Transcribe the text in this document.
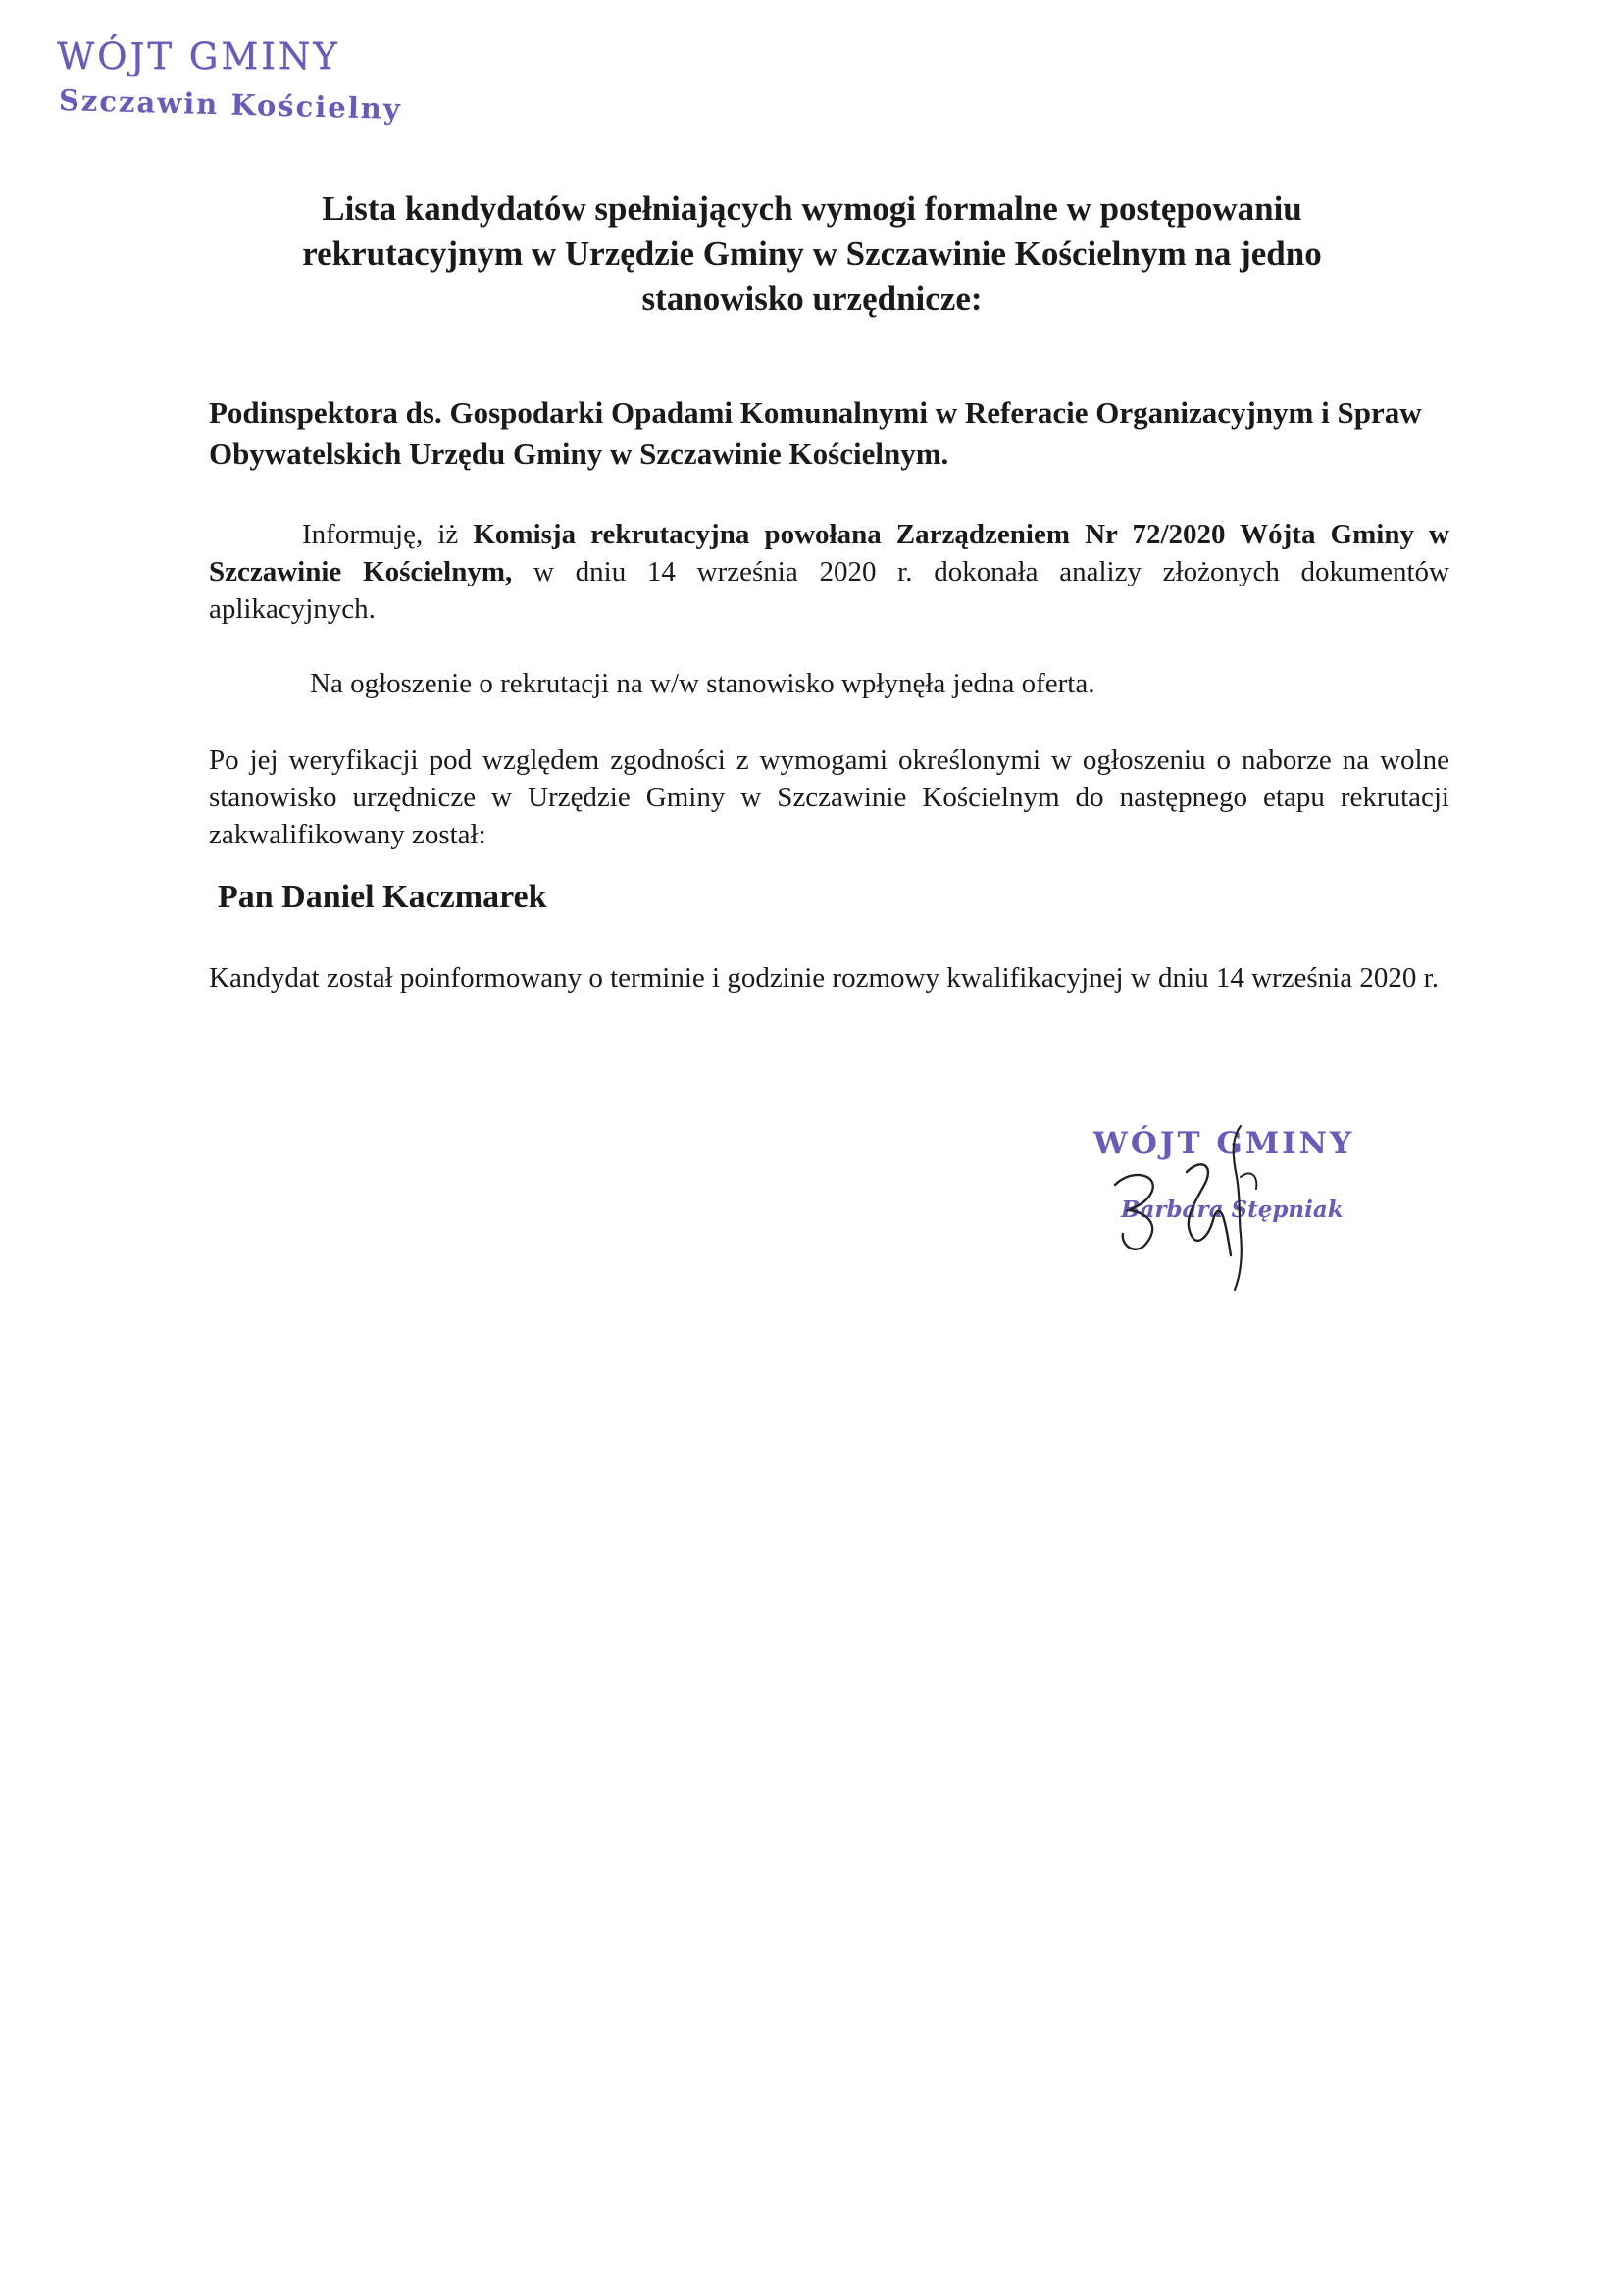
WÓJT GMINY
Szczawin Kościelny
Lista kandydatów spełniających wymogi formalne w postępowaniu
rekrutacyjnym w Urzędzie Gminy w Szczawinie Kościelnym na jedno
stanowisko urzędnicze:
Podinspektora ds. Gospodarki Opadami Komunalnymi w Referacie Organizacyjnym i Spraw Obywatelskich Urzędu Gminy w Szczawinie Kościelnym.
Informuję, iż Komisja rekrutacyjna powołana Zarządzeniem Nr 72/2020 Wójta Gminy w Szczawinie Kościelnym, w dniu 14 września 2020 r. dokonała analizy złożonych dokumentów aplikacyjnych.
Na ogłoszenie o rekrutacji na w/w stanowisko wpłynęła jedna oferta.
Po jej weryfikacji pod względem zgodności z wymogami określonymi w ogłoszeniu o naborze na wolne stanowisko urzędnicze w Urzędzie Gminy w Szczawinie Kościelnym do następnego etapu rekrutacji zakwalifikowany został:
Pan Daniel Kaczmarek
Kandydat został poinformowany o terminie i godzinie rozmowy kwalifikacyjnej w dniu 14 września 2020 r.
WÓJT GMINY
Barbara Stępniak
